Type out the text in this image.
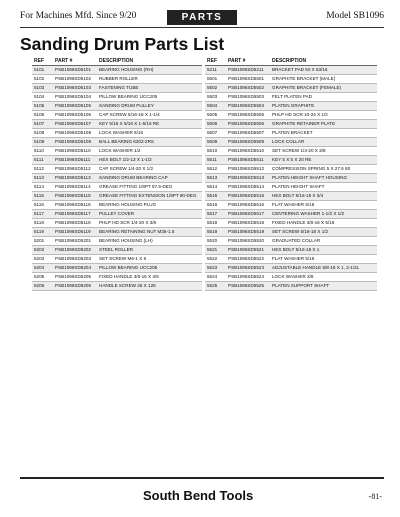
For Machines Mfd. Since 9/20	PARTS	Model SB1096
Sanding Drum Parts List
REF	PART #	DESCRIPTION
5101	PSB1096SD5101	BEARING HOUSING (RH)
5102	PSB1096SD5102	RUBBER ROLLER
5103	PSB1096SD5103	FASTENING TUBE
5104	PSB1096SD5104	PILLOW BEARING UCC205
5105	PSB1096SD5105	SANDING DRUM PULLEY
5106	PSB1096SD5106	CAP SCREW 5/16-18 X 1-1/4
5107	PSB1096SD5107	KEY 5/16 X 5/16 X 1-5/16 RE
5108	PSB1096SD5108	LOCK WASHER 5/16
5109	PSB1096SD5109	BALL BEARING 6202-2RS
5110	PSB1096SD5110	LOCK WASHER 1/2
5111	PSB1096SD5111	HEX BOLT 1/2-13 X 1-1/2
5112	PSB1096SD5112	CAP SCREW 1/4-20 X 1/2
5113	PSB1096SD5113	SANDING DRUM BEARING CAP
5114	PSB1096SD5114	GREASE FITTING 1/8PT 67.5-DEG
5115	PSB1096SD5115	GREASE FITTING EXTENSION 1/8PT 90-DEG
5116	PSB1096SD5116	BEARING HOUSING PLUG
5117	PSB1096SD5117	PULLEY COVER
5118	PSB1096SD5118	PHLP HD SCR 1/4-20 X 3/8
5119	PSB1096SD5119	BEARING RETAINING NUT M35-1.5
5201	PSB1096SD5201	BEARING HOUSING (LH)
5202	PSB1096SD5202	STEEL ROLLER
5203	PSB1096SD5203	SET SCREW M6-1 X 6
5204	PSB1096SD5204	PILLOW BEARING UCC205
5205	PSB1096SD5205	FIXED HANDLE 3/8-16 X 3/8
5206	PSB1096SD5206	HANDLE SCREW 25 X 125
REF	PART #	DESCRIPTION
5211	PSB1096SD5211	BRACKET PAD 50 X 53/16
5501	PSB1096SD5501	GRAPHITE BRACKET (MALE)
5502	PSB1096SD5502	GRAPHITE BRACKET (FEMALE)
5503	PSB1096SD5503	FELT PLATEN PAD
5504	PSB1096SD5504	PLATEN GRAPHITE
5505	PSB1096SD5505	PHLP HD SCR 10-24 X 1/2
5506	PSB1096SD5506	GRAPHITE RETAINER PLATE
5507	PSB1096SD5507	PLATEN BRACKET
5509	PSB1096SD5509	LOCK COLLAR
5510	PSB1096SD5510	SET SCREW 1/4-20 X 3/8
5511	PSB1096SD5511	KEY 5 X 5 X 20 RE
5512	PSB1096SD5512	COMPRESSION SPRING 5 X 27.5 60
5513	PSB1096SD5513	PLATEN HEIGHT SHAFT HOUSING
5514	PSB1096SD5514	PLATEN HEIGHT SHAFT
5515	PSB1096SD5515	HEX BOLT 5/16-18 X 3/4
5516	PSB1096SD5516	FLAT WASHER 5/16
5517	PSB1096SD5517	CENTERING WASHER 1-1/2 X 1/2
5518	PSB1096SD5518	FIXED HANDLE 3/8-16 X 5/16
5519	PSB1096SD5519	SET SCREW 5/16-18 X 1/2
5520	PSB1096SD5520	GRADUATED COLLAR
5521	PSB1096SD5521	HEX BOLT 5/16-18 X 1
5522	PSB1096SD5522	FLAT WASHER 5/16
5523	PSB1096SD5523	ADJUSTABLE HANDLE 5/8-18 X 1, 2-1/2L
5524	PSB1096SD5524	LOCK WASHER 3/8
5525	PSB1096SD5525	PLATEN SUPPORT SHAFT
South Bend Tools	-81-
